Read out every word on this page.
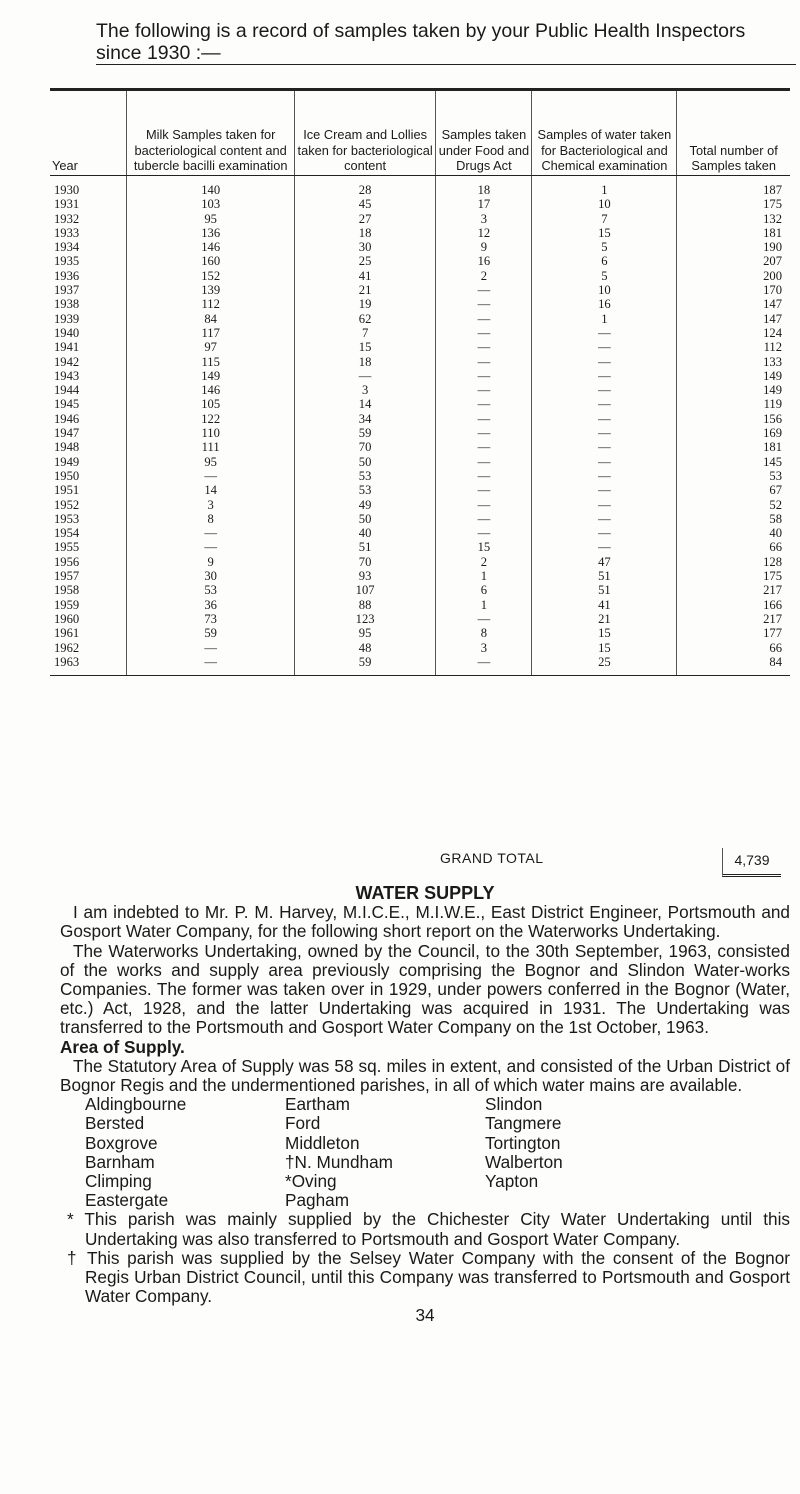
The following is a record of samples taken by your Public Health Inspectors
since 1930 :—
Year	Milk Samples taken for bacteriological content and tubercle bacilli examination	Ice Cream and Lollies taken for bacteriological content	Samples taken under Food and Drugs Act	Samples of water taken for Bacteriological and Chemical examination	Total number of Samples taken
1930	140	28	18	1	187
1931	103	45	17	10	175
1932	95	27	3	7	132
1933	136	18	12	15	181
1934	146	30	9	5	190
1935	160	25	16	6	207
1936	152	41	2	5	200
1937	139	21	—	10	170
1938	112	19	—	16	147
1939	84	62	—	1	147
1940	117	7	—	—	124
1941	97	15	—	—	112
1942	115	18	—	—	133
1943	149	—	—	—	149
1944	146	3	—	—	149
1945	105	14	—	—	119
1946	122	34	—	—	156
1947	110	59	—	—	169
1948	111	70	—	—	181
1949	95	50	—	—	145
1950	—	53	—	—	53
1951	14	53	—	—	67
1952	3	49	—	—	52
1953	8	50	—	—	58
1954	—	40	—	—	40
1955	—	51	15	—	66
1956	9	70	2	47	128
1957	30	93	1	51	175
1958	53	107	6	51	217
1959	36	88	1	41	166
1960	73	123	—	21	217
1961	59	95	8	15	177
1962	—	48	3	15	66
1963	—	59	—	25	84
GRAND TOTAL	4,739
WATER SUPPLY

I am indebted to Mr. P. M. Harvey, M.I.C.E., M.I.W.E., East District Engineer, Portsmouth and Gosport Water Company, for the following short report on the Waterworks Undertaking.

The Waterworks Undertaking, owned by the Council, to the 30th September, 1963, consisted of the works and supply area previously comprising the Bognor and Slindon Water-works Companies. The former was taken over in 1929, under powers conferred in the Bognor (Water, etc.) Act, 1928, and the latter Undertaking was acquired in 1931. The Undertaking was transferred to the Portsmouth and Gosport Water Company on the 1st October, 1963.

Area of Supply.

The Statutory Area of Supply was 58 sq. miles in extent, and consisted of the Urban District of Bognor Regis and the undermentioned parishes, in all of which water mains are available.

Aldingbourne	Eartham	Slindon
Bersted	Ford	Tangmere
Boxgrove	Middleton	Tortington
Barnham	†N. Mundham	Walberton
Climping	*Oving	Yapton
Eastergate	Pagham

* This parish was mainly supplied by the Chichester City Water Undertaking until this Undertaking was also transferred to Portsmouth and Gosport Water Company.

† This parish was supplied by the Selsey Water Company with the consent of the Bognor Regis Urban District Council, until this Company was transferred to Portsmouth and Gosport Water Company.

34
